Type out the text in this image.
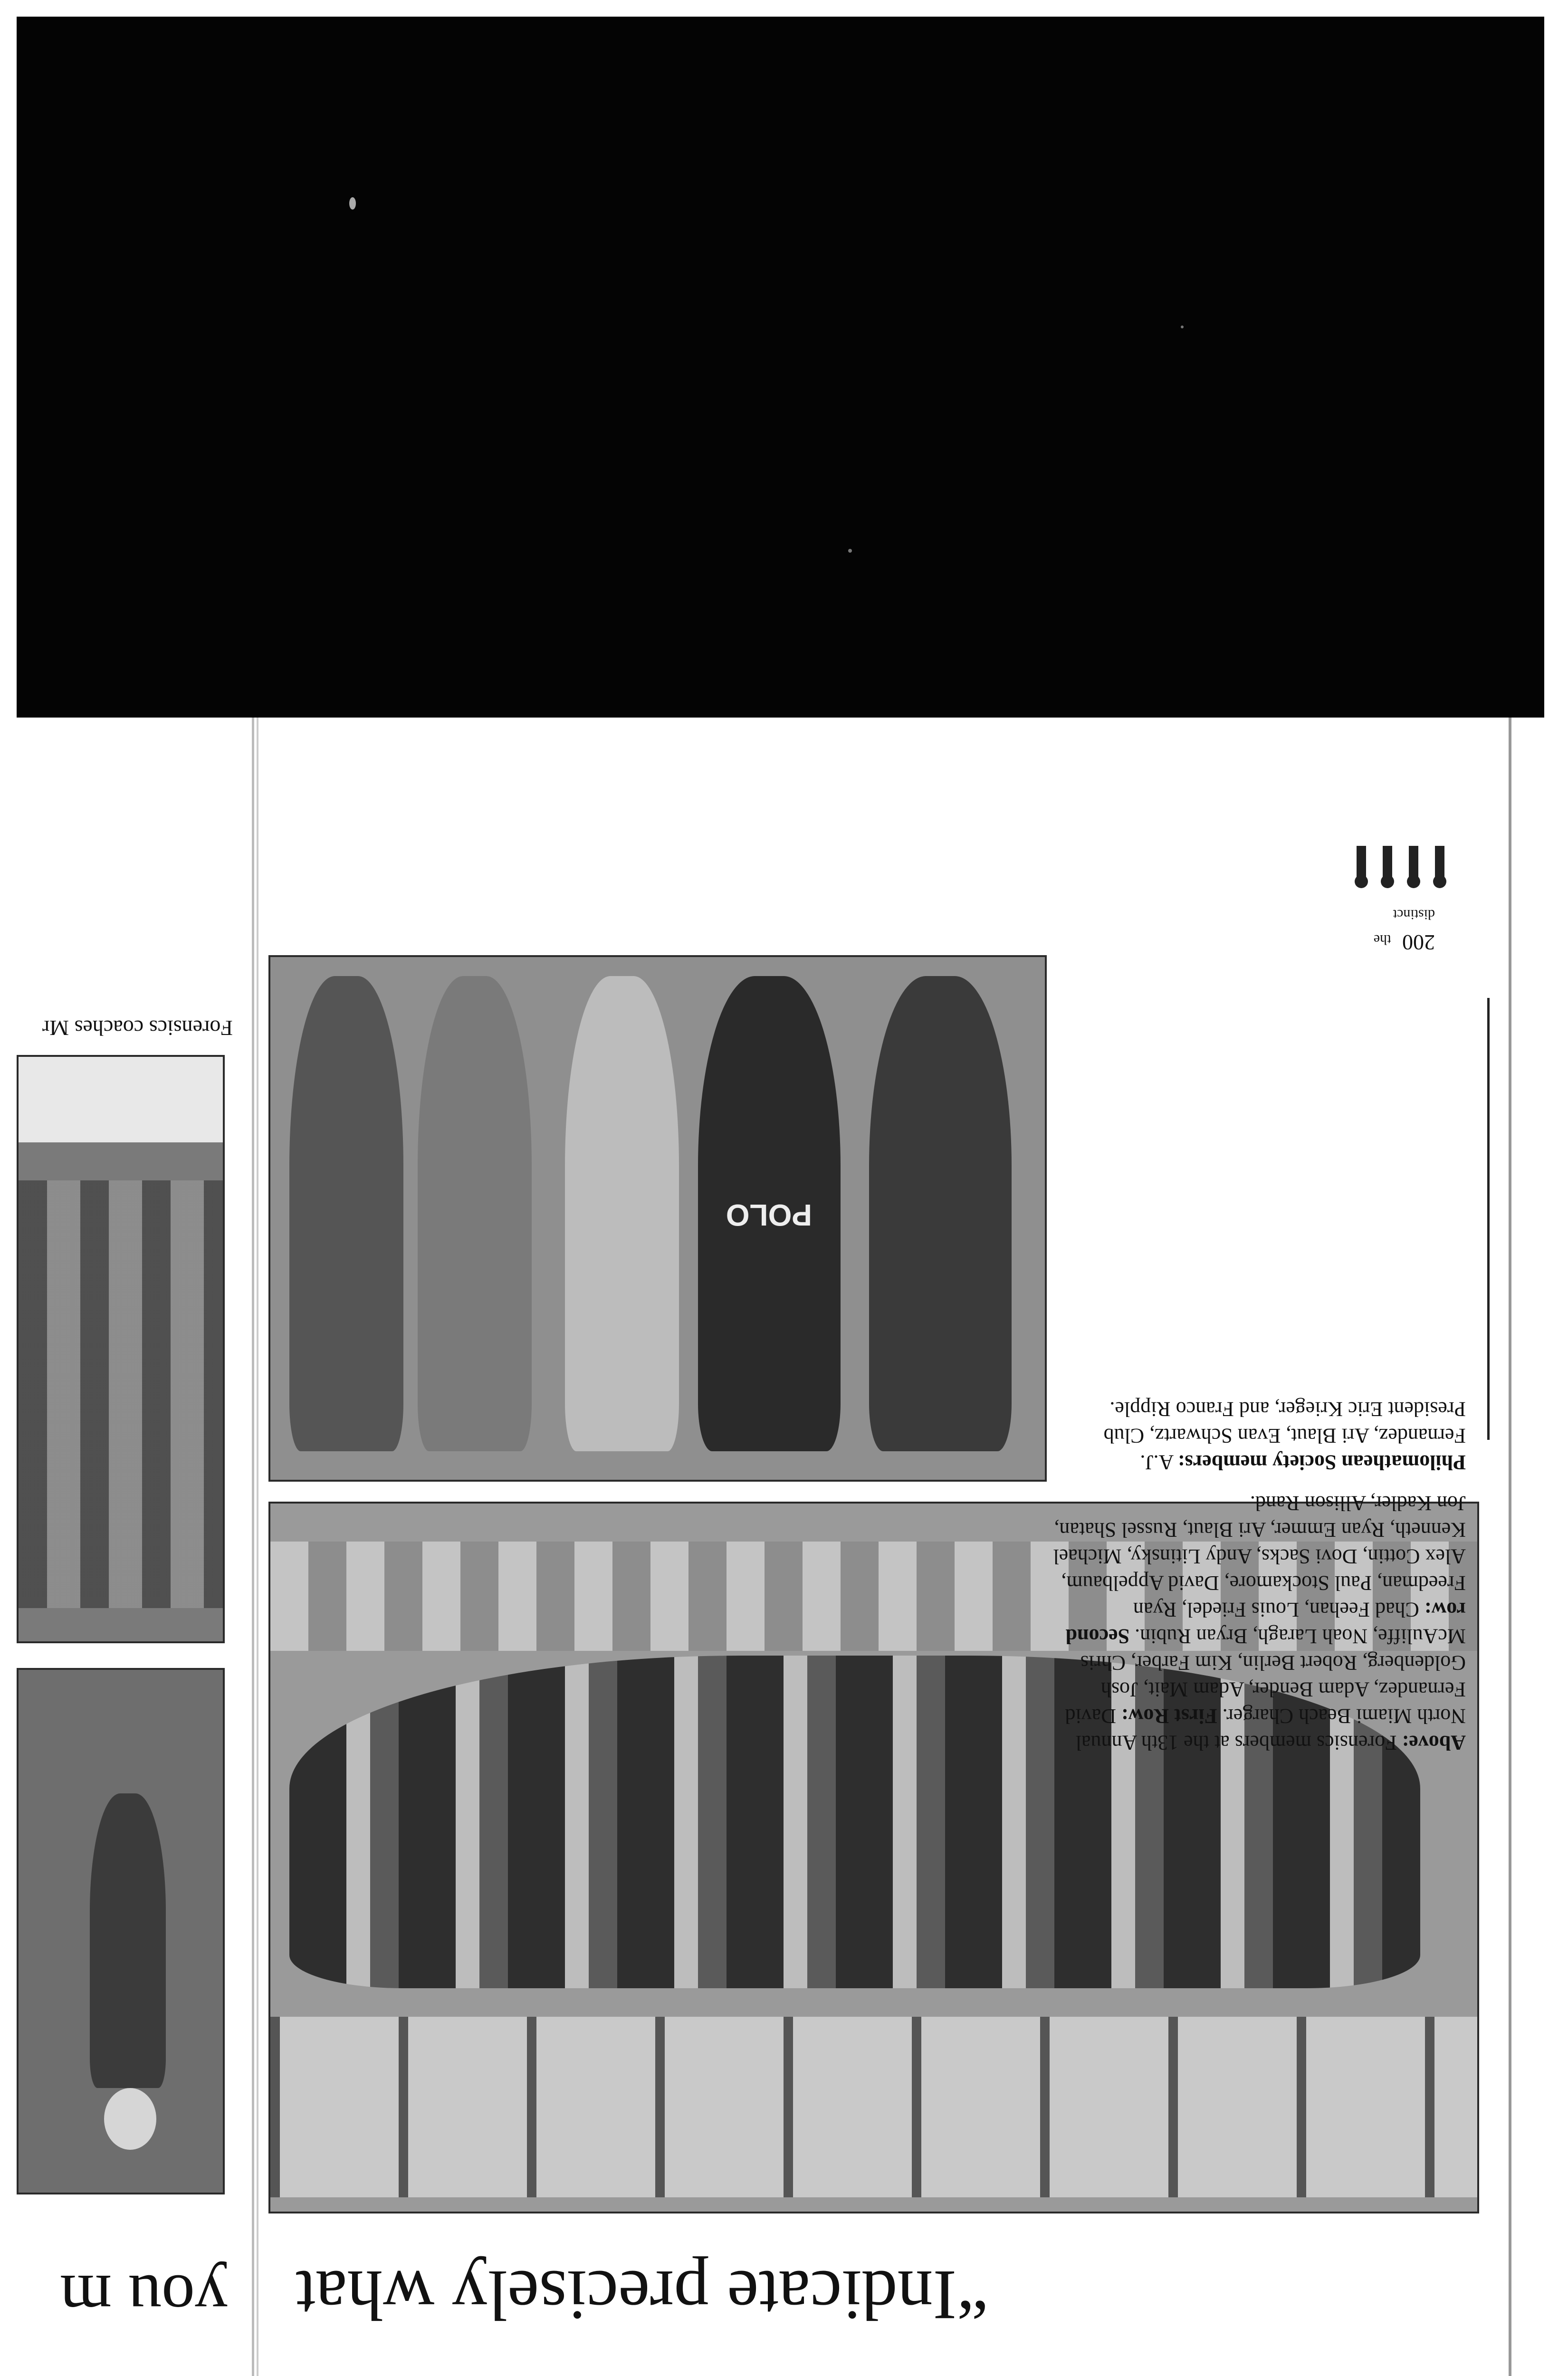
Forensics coaches Mr
you m
POLO
200 the distinct

Above: Forensics members at the 13th Annual North Miami Beach Charger. First Row: David Fernandez, Adam Bender, Adam Mait, Josh Goldenberg, Robert Berlin, Kim Farber, Chris McAuliffe, Noah Laragh, Bryan Rubin. Second row: Chad Feehan, Louis Friedel, Ryan Freedman, Paul Stockamore, David Appelbaum, Alex Cottin, Dovi Sacks, Andy Litinsky, Michael Kenneth, Ryan Emmer, Ari Blaut, Russel Shatan, Jon Kadler, Allison Rand.

Philomathean Society members: A.J. Fernandez, Ari Blaut, Evan Schwartz, Club President Eric Krieger, and Franco Ripple.

“Indicate precisely what
